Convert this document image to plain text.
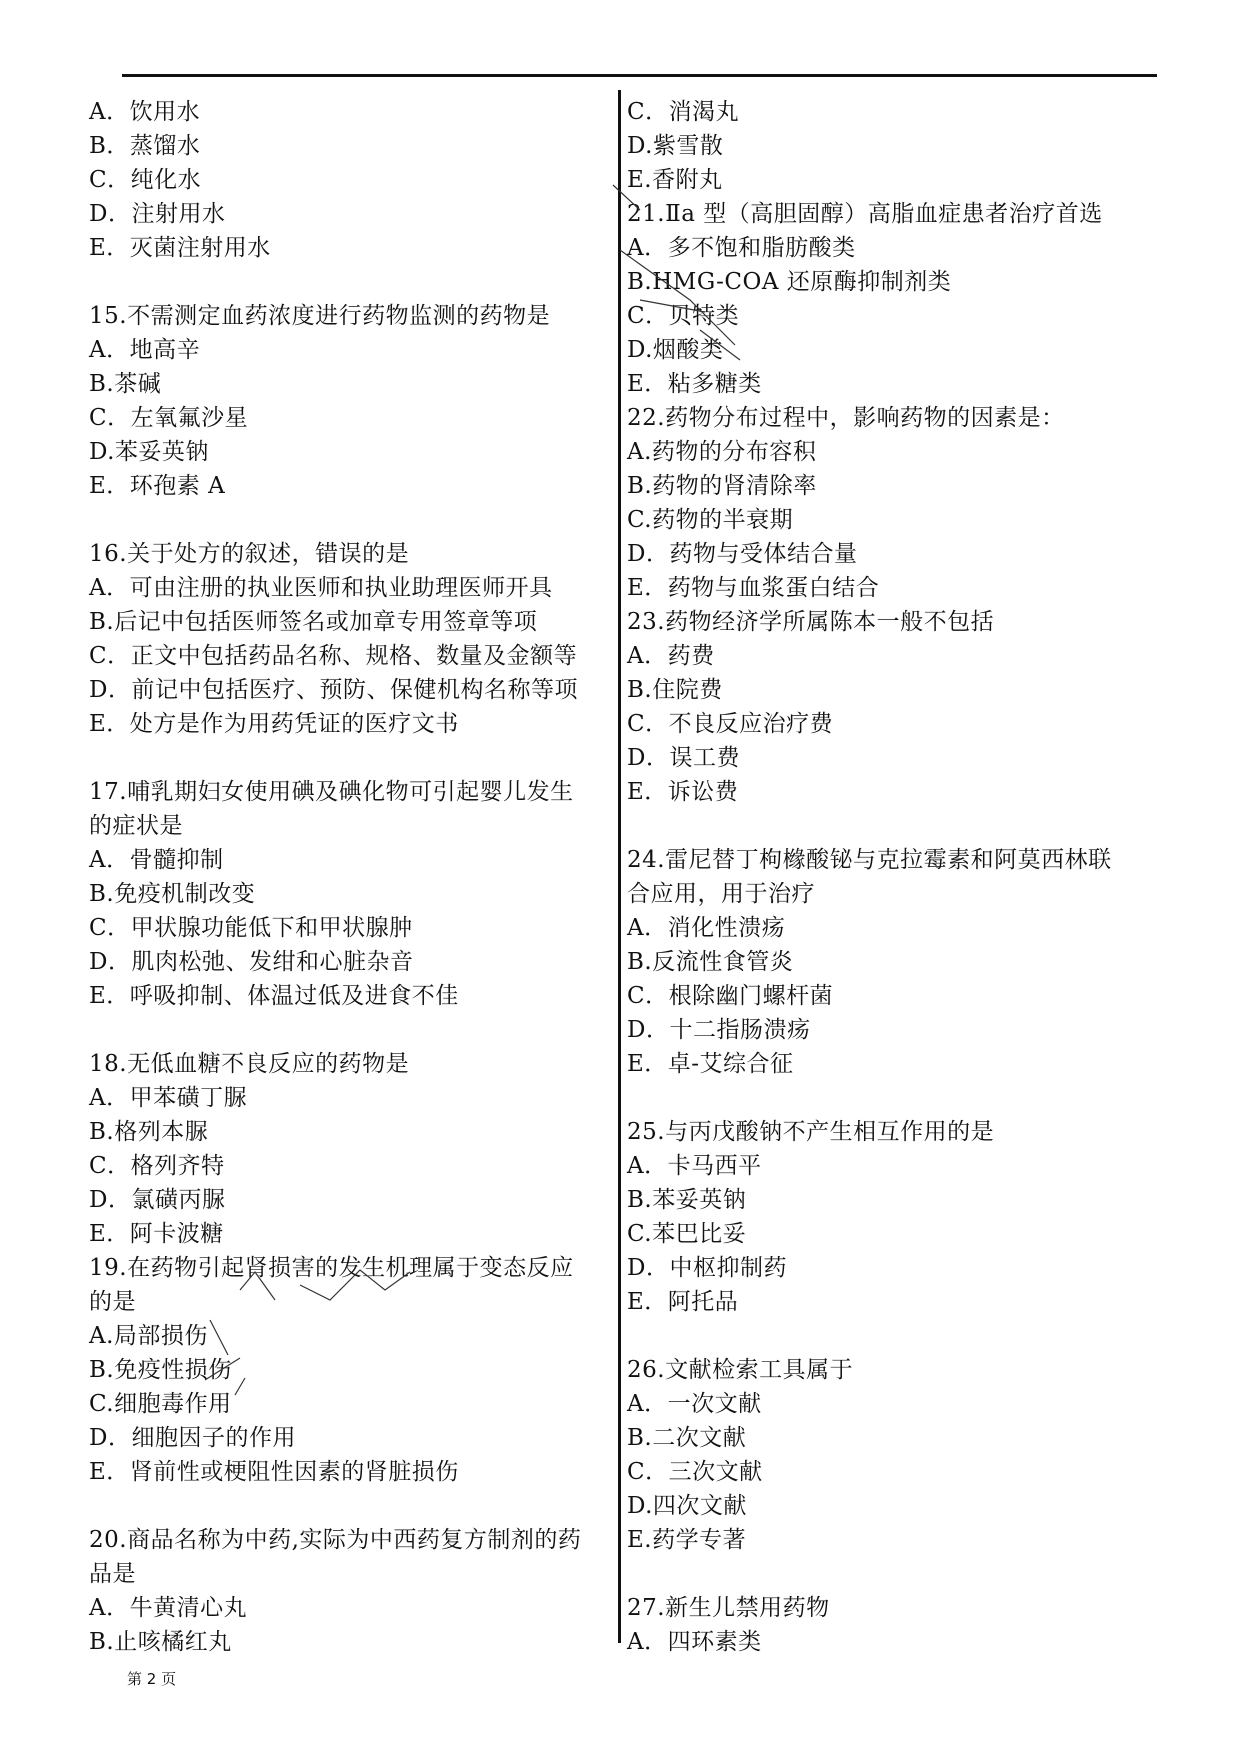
A．饮用水
B．蒸馏水
C．纯化水
D．注射用水
E．灭菌注射用水
15.不需测定血药浓度进行药物监测的药物是
A．地高辛
B.茶碱
C．左氧氟沙星
D.苯妥英钠
E．环孢素 A
16.关于处方的叙述，错误的是
A．可由注册的执业医师和执业助理医师开具
B.后记中包括医师签名或加章专用签章等项
C．正文中包括药品名称、规格、数量及金额等
D．前记中包括医疗、预防、保健机构名称等项
E．处方是作为用药凭证的医疗文书
17.哺乳期妇女使用碘及碘化物可引起婴儿发生
的症状是
A．骨髓抑制
B.免疫机制改变
C．甲状腺功能低下和甲状腺肿
D．肌肉松弛、发绀和心脏杂音
E．呼吸抑制、体温过低及进食不佳
18.无低血糖不良反应的药物是
A．甲苯磺丁脲
B.格列本脲
C．格列齐特
D．氯磺丙脲
E．阿卡波糖
19.在药物引起肾损害的发生机理属于变态反应
的是
A.局部损伤
B.免疫性损伤
C.细胞毒作用
D．细胞因子的作用
E．肾前性或梗阻性因素的肾脏损伤
20.商品名称为中药,实际为中西药复方制剂的药
品是
A．牛黄清心丸
B.止咳橘红丸
C．消渴丸
D.紫雪散
E.香附丸
21.Ⅱa 型（高胆固醇）高脂血症患者治疗首选
A．多不饱和脂肪酸类
B.HMG-COA 还原酶抑制剂类
C．贝特类
D.烟酸类
E．粘多糖类
22.药物分布过程中，影响药物的因素是：
A.药物的分布容积
B.药物的肾清除率
C.药物的半衰期
D．药物与受体结合量
E．药物与血浆蛋白结合
23.药物经济学所属陈本一般不包括
A．药费
B.住院费
C．不良反应治疗费
D．误工费
E．诉讼费
24.雷尼替丁枸橼酸铋与克拉霉素和阿莫西林联
合应用，用于治疗
A．消化性溃疡
B.反流性食管炎
C．根除幽门螺杆菌
D．十二指肠溃疡
E．卓-艾综合征
25.与丙戊酸钠不产生相互作用的是
A．卡马西平
B.苯妥英钠
C.苯巴比妥
D．中枢抑制药
E．阿托品
26.文献检索工具属于
A．一次文献
B.二次文献
C．三次文献
D.四次文献
E.药学专著
27.新生儿禁用药物
A．四环素类
第 2 页
